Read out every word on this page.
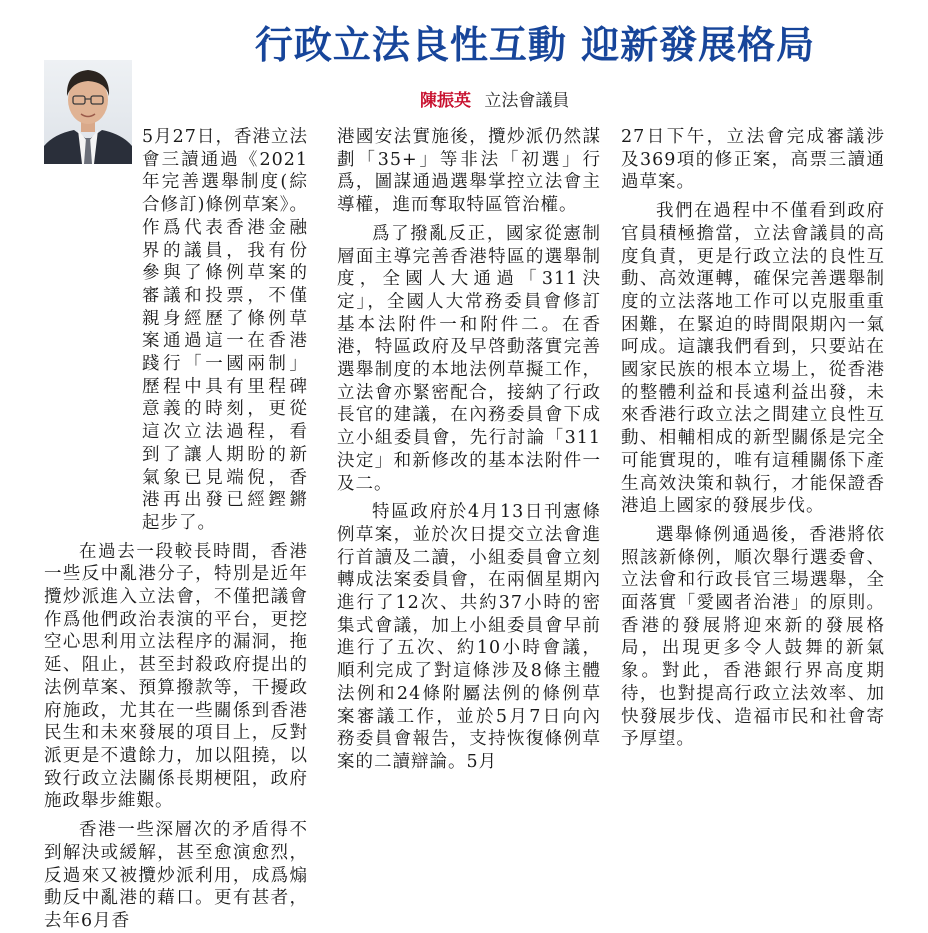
行政立法良性互動 迎新發展格局
陳振英 立法會議員

5月27日，香港立法會三讀通過《2021年完善選舉制度(綜合修訂)條例草案》。作爲代表香港金融界的議員，我有份參與了條例草案的審議和投票，不僅親身經歷了條例草案通過這一在香港踐行「一國兩制」歷程中具有里程碑意義的時刻，更從這次立法過程，看到了讓人期盼的新氣象已見端倪，香港再出發已經鏗鏘起步了。

在過去一段較長時間，香港一些反中亂港分子，特別是近年攬炒派進入立法會，不僅把議會作爲他們政治表演的平台，更挖空心思利用立法程序的漏洞，拖延、阻止，甚至封殺政府提出的法例草案、預算撥款等，干擾政府施政，尤其在一些關係到香港民生和未來發展的項目上，反對派更是不遺餘力，加以阻撓，以致行政立法關係長期梗阻，政府施政舉步維艱。

香港一些深層次的矛盾得不到解決或緩解，甚至愈演愈烈，反過來又被攬炒派利用，成爲煽動反中亂港的藉口。更有甚者，去年6月香

港國安法實施後，攬炒派仍然謀劃「35+」等非法「初選」行爲，圖謀通過選舉掌控立法會主導權，進而奪取特區管治權。

爲了撥亂反正，國家從憲制層面主導完善香港特區的選舉制度，全國人大通過「311決定」，全國人大常務委員會修訂基本法附件一和附件二。在香港，特區政府及早啓動落實完善選舉制度的本地法例草擬工作，立法會亦緊密配合，接納了行政長官的建議，在內務委員會下成立小組委員會，先行討論「311決定」和新修改的基本法附件一及二。

特區政府於4月13日刊憲條例草案，並於次日提交立法會進行首讀及二讀，小組委員會立刻轉成法案委員會，在兩個星期內進行了12次、共約37小時的密集式會議，加上小組委員會早前進行了五次、約10小時會議，順利完成了對這條涉及8條主體法例和24條附屬法例的條例草案審議工作，並於5月7日向內務委員會報告，支持恢復條例草案的二讀辯論。5月

27日下午，立法會完成審議涉及369項的修正案，高票三讀通過草案。

我們在過程中不僅看到政府官員積極擔當，立法會議員的高度負責，更是行政立法的良性互動、高效運轉，確保完善選舉制度的立法落地工作可以克服重重困難，在緊迫的時間限期內一氣呵成。這讓我們看到，只要站在國家民族的根本立場上，從香港的整體利益和長遠利益出發，未來香港行政立法之間建立良性互動、相輔相成的新型關係是完全可能實現的，唯有這種關係下產生高效決策和執行，才能保證香港追上國家的發展步伐。

選舉條例通過後，香港將依照該新條例，順次舉行選委會、立法會和行政長官三場選舉，全面落實「愛國者治港」的原則。香港的發展將迎來新的發展格局，出現更多令人鼓舞的新氣象。對此，香港銀行界高度期待，也對提高行政立法效率、加快發展步伐、造福市民和社會寄予厚望。
